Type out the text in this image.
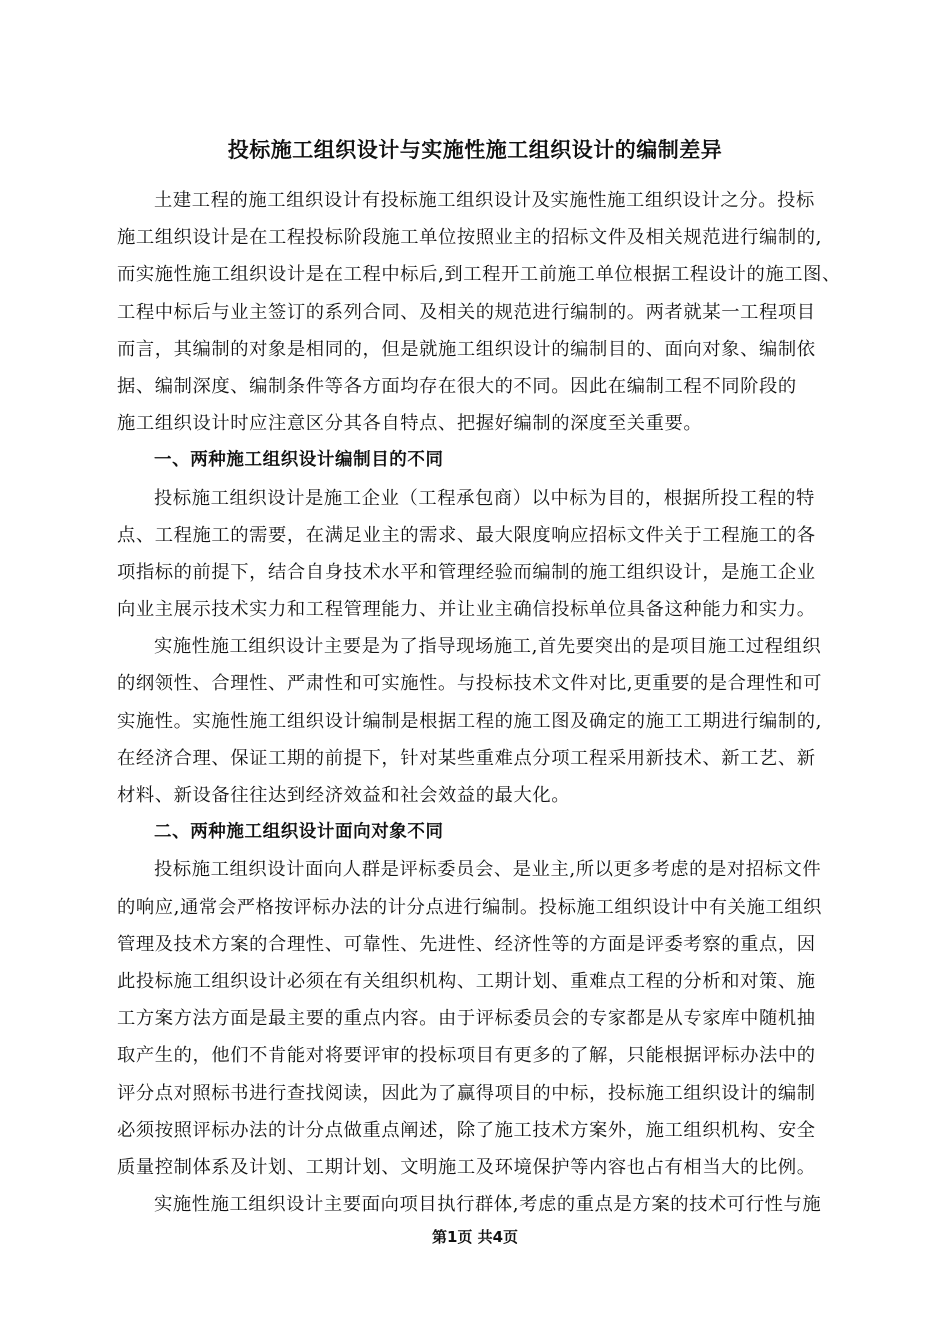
投标施工组织设计与实施性施工组织设计的编制差异
土建工程的施工组织设计有投标施工组织设计及实施性施工组织设计之分。投标
施工组织设计是在工程投标阶段施工单位按照业主的招标文件及相关规范进行编制的,
而实施性施工组织设计是在工程中标后,到工程开工前施工单位根据工程设计的施工图、
工程中标后与业主签订的系列合同、及相关的规范进行编制的。两者就某一工程项目
而言，其编制的对象是相同的，但是就施工组织设计的编制目的、面向对象、编制依
据、编制深度、编制条件等各方面均存在很大的不同。因此在编制工程不同阶段的
施工组织设计时应注意区分其各自特点、把握好编制的深度至关重要。
一、两种施工组织设计编制目的不同
投标施工组织设计是施工企业（工程承包商）以中标为目的，根据所投工程的特
点、工程施工的需要，在满足业主的需求、最大限度响应招标文件关于工程施工的各
项指标的前提下，结合自身技术水平和管理经验而编制的施工组织设计，是施工企业
向业主展示技术实力和工程管理能力、并让业主确信投标单位具备这种能力和实力。
实施性施工组织设计主要是为了指导现场施工,首先要突出的是项目施工过程组织
的纲领性、合理性、严肃性和可实施性。与投标技术文件对比,更重要的是合理性和可
实施性。实施性施工组织设计编制是根据工程的施工图及确定的施工工期进行编制的,
在经济合理、保证工期的前提下，针对某些重难点分项工程采用新技术、新工艺、新
材料、新设备往往达到经济效益和社会效益的最大化。
二、两种施工组织设计面向对象不同
投标施工组织设计面向人群是评标委员会、是业主,所以更多考虑的是对招标文件
的响应,通常会严格按评标办法的计分点进行编制。投标施工组织设计中有关施工组织
管理及技术方案的合理性、可靠性、先进性、经济性等的方面是评委考察的重点，因
此投标施工组织设计必须在有关组织机构、工期计划、重难点工程的分析和对策、施
工方案方法方面是最主要的重点内容。由于评标委员会的专家都是从专家库中随机抽
取产生的，他们不肯能对将要评审的投标项目有更多的了解，只能根据评标办法中的
评分点对照标书进行查找阅读，因此为了赢得项目的中标，投标施工组织设计的编制
必须按照评标办法的计分点做重点阐述，除了施工技术方案外，施工组织机构、安全
质量控制体系及计划、工期计划、文明施工及环境保护等内容也占有相当大的比例。
实施性施工组织设计主要面向项目执行群体,考虑的重点是方案的技术可行性与施
第1页 共4页
